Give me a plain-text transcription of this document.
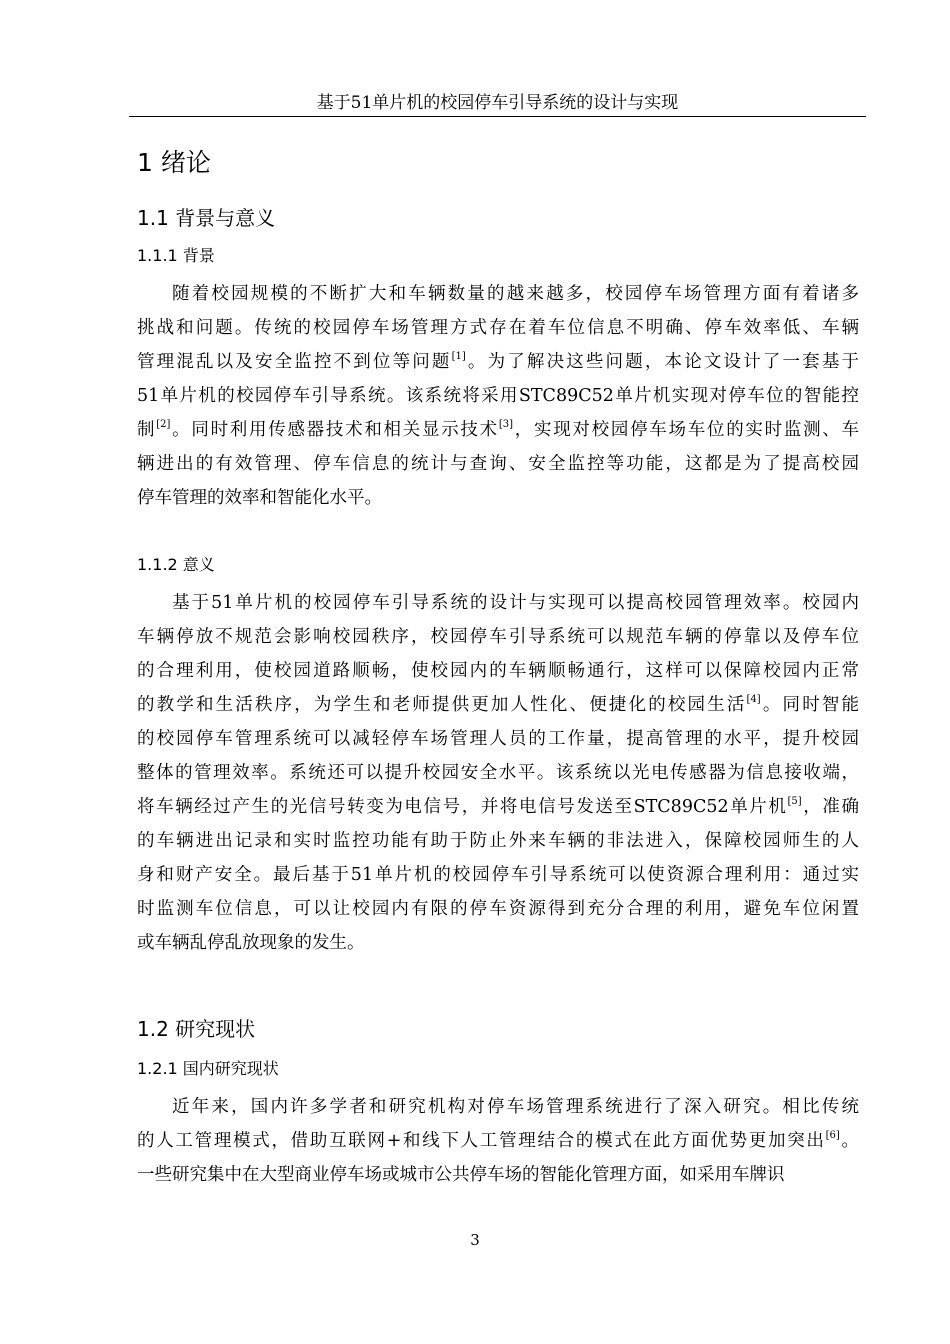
基于51单片机的校园停车引导系统的设计与实现
1 绪论
1.1 背景与意义
1.1.1 背景
随着校园规模的不断扩大和车辆数量的越来越多，校园停车场管理方面有着诸多
挑战和问题。传统的校园停车场管理方式存在着车位信息不明确、停车效率低、车辆
管理混乱以及安全监控不到位等问题[1]。为了解决这些问题，本论文设计了一套基于
51单片机的校园停车引导系统。该系统将采用STC89C52单片机实现对停车位的智能控
制[2]。同时利用传感器技术和相关显示技术[3]，实现对校园停车场车位的实时监测、车
辆进出的有效管理、停车信息的统计与查询、安全监控等功能，这都是为了提高校园
停车管理的效率和智能化水平。
1.1.2 意义
基于51单片机的校园停车引导系统的设计与实现可以提高校园管理效率。校园内
车辆停放不规范会影响校园秩序，校园停车引导系统可以规范车辆的停靠以及停车位
的合理利用，使校园道路顺畅，使校园内的车辆顺畅通行，这样可以保障校园内正常
的教学和生活秩序，为学生和老师提供更加人性化、便捷化的校园生活[4]。同时智能
的校园停车管理系统可以减轻停车场管理人员的工作量，提高管理的水平，提升校园
整体的管理效率。系统还可以提升校园安全水平。该系统以光电传感器为信息接收端，
将车辆经过产生的光信号转变为电信号，并将电信号发送至STC89C52单片机[5]，准确
的车辆进出记录和实时监控功能有助于防止外来车辆的非法进入，保障校园师生的人
身和财产安全。最后基于51单片机的校园停车引导系统可以使资源合理利用：通过实
时监测车位信息，可以让校园内有限的停车资源得到充分合理的利用，避免车位闲置
或车辆乱停乱放现象的发生。
1.2 研究现状
1.2.1 国内研究现状
近年来，国内许多学者和研究机构对停车场管理系统进行了深入研究。相比传统
的人工管理模式，借助互联网+和线下人工管理结合的模式在此方面优势更加突出[6]。
一些研究集中在大型商业停车场或城市公共停车场的智能化管理方面，如采用车牌识
3
